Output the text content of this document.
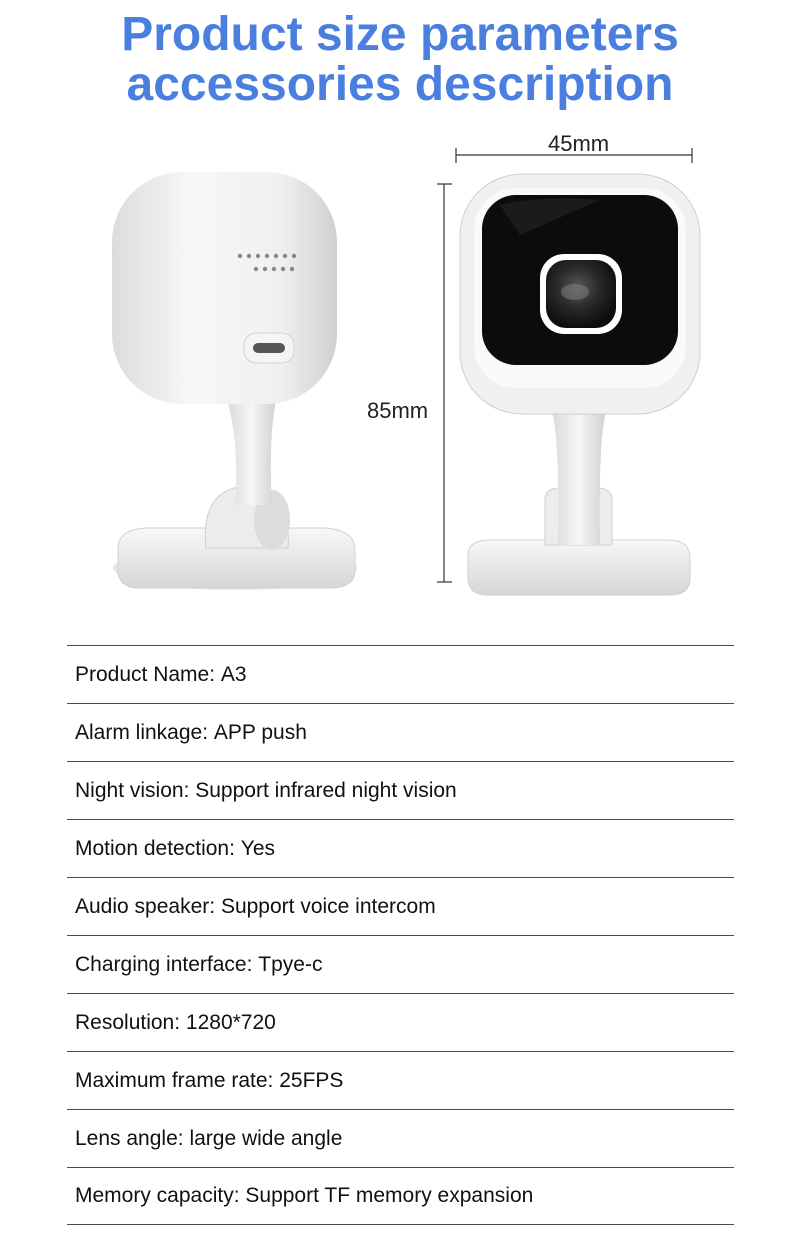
Product size parameters
accessories description
45mm
85mm
Product Name : A3
Alarm linkage : APP push
Night vision : Support infrared night vision
Motion detection : Yes
Audio speaker : Support voice intercom
Charging interface : Tpye-c
Resolution : 1280*720
Maximum frame rate : 25FPS
Lens angle : large wide angle
Memory capacity : Support TF memory expansion
